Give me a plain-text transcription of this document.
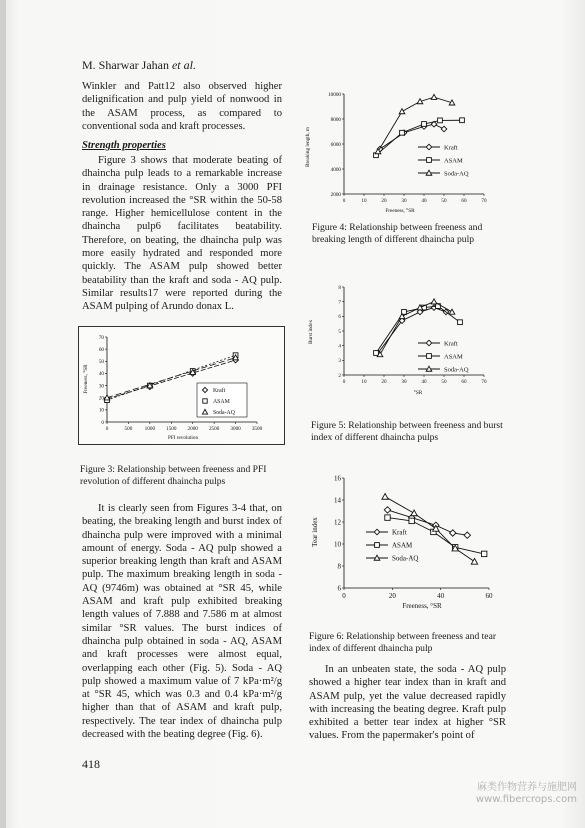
M. Sharwar Jahan et al.

Winkler and Patt12 also observed higher delignification and pulp yield of nonwood in the ASAM process, as compared to conventional soda and kraft processes.

Strength properties

Figure 3 shows that moderate beating of dhaincha pulp leads to a remarkable increase in drainage resistance. Only a 3000 PFI revolution increased the °SR within the 50-58 range. Higher hemicellulose content in the dhaincha pulp6 facilitates beatability. Therefore, on beating, the dhaincha pulp was more easily hydrated and responded more quickly. The ASAM pulp showed better beatability than the kraft and soda - AQ pulp. Similar results17 were reported during the ASAM pulping of Arundo donax L.

0	500 1000 1500 2000 2500 3000 3500
0
10
20
30
40
50
60
70
PFI revolution
Freeness, °SR	Kraft
ASAM
Soda-AQ
Figure 3: Relationship between freeness and PFI revolution of different dhaincha pulps

It is clearly seen from Figures 3-4 that, on beating, the breaking length and burst index of dhaincha pulp were improved with a minimal amount of energy. Soda - AQ pulp showed a superior breaking length than kraft and ASAM pulp. The maximum breaking length in soda - AQ (9746m) was obtained at °SR 45, while ASAM and kraft pulp exhibited breaking length values of 7.888 and 7.586 m at almost similar °SR values. The burst indices of dhaincha pulp obtained in soda - AQ, ASAM and kraft processes were almost equal, overlapping each other (Fig. 5). Soda - AQ pulp showed a maximum value of 7 kPa·m²/g at °SR 45, which was 0.3 and 0.4 kPa·m²/g higher than that of ASAM and kraft pulp, respectively. The tear index of dhaincha pulp decreased with the beating degree (Fig. 6).

418
0	10	20	30	40	50	60	70
2000
4000
6000
8000
10000
Freeness, °SR
Breaking length, m	Kraft
ASAM
Soda-AQ
Figure 4: Relationship between freeness and breaking length of different dhaincha pulp
0	10	20	30	40	50	60	70
2
3
4
5
6
7
8
°SR
Burst index	Kraft
ASAM
Soda-AQ
Figure 5: Relationship between freeness and burst index of different dhaincha pulps
0	20	40	60
6
8
10
12
14
16
Freeness, °SR
Tear index	Kraft
ASAM
Soda-AQ
Figure 6: Relationship between freeness and tear index of different dhaincha pulp

In an unbeaten state, the soda - AQ pulp showed a higher tear index than in kraft and ASAM pulp, yet the value decreased rapidly with increasing the beating degree. Kraft pulp exhibited a better tear index at higher °SR values. From the papermaker's point of

麻类作物营养与施肥网
www.fibercrops.com
